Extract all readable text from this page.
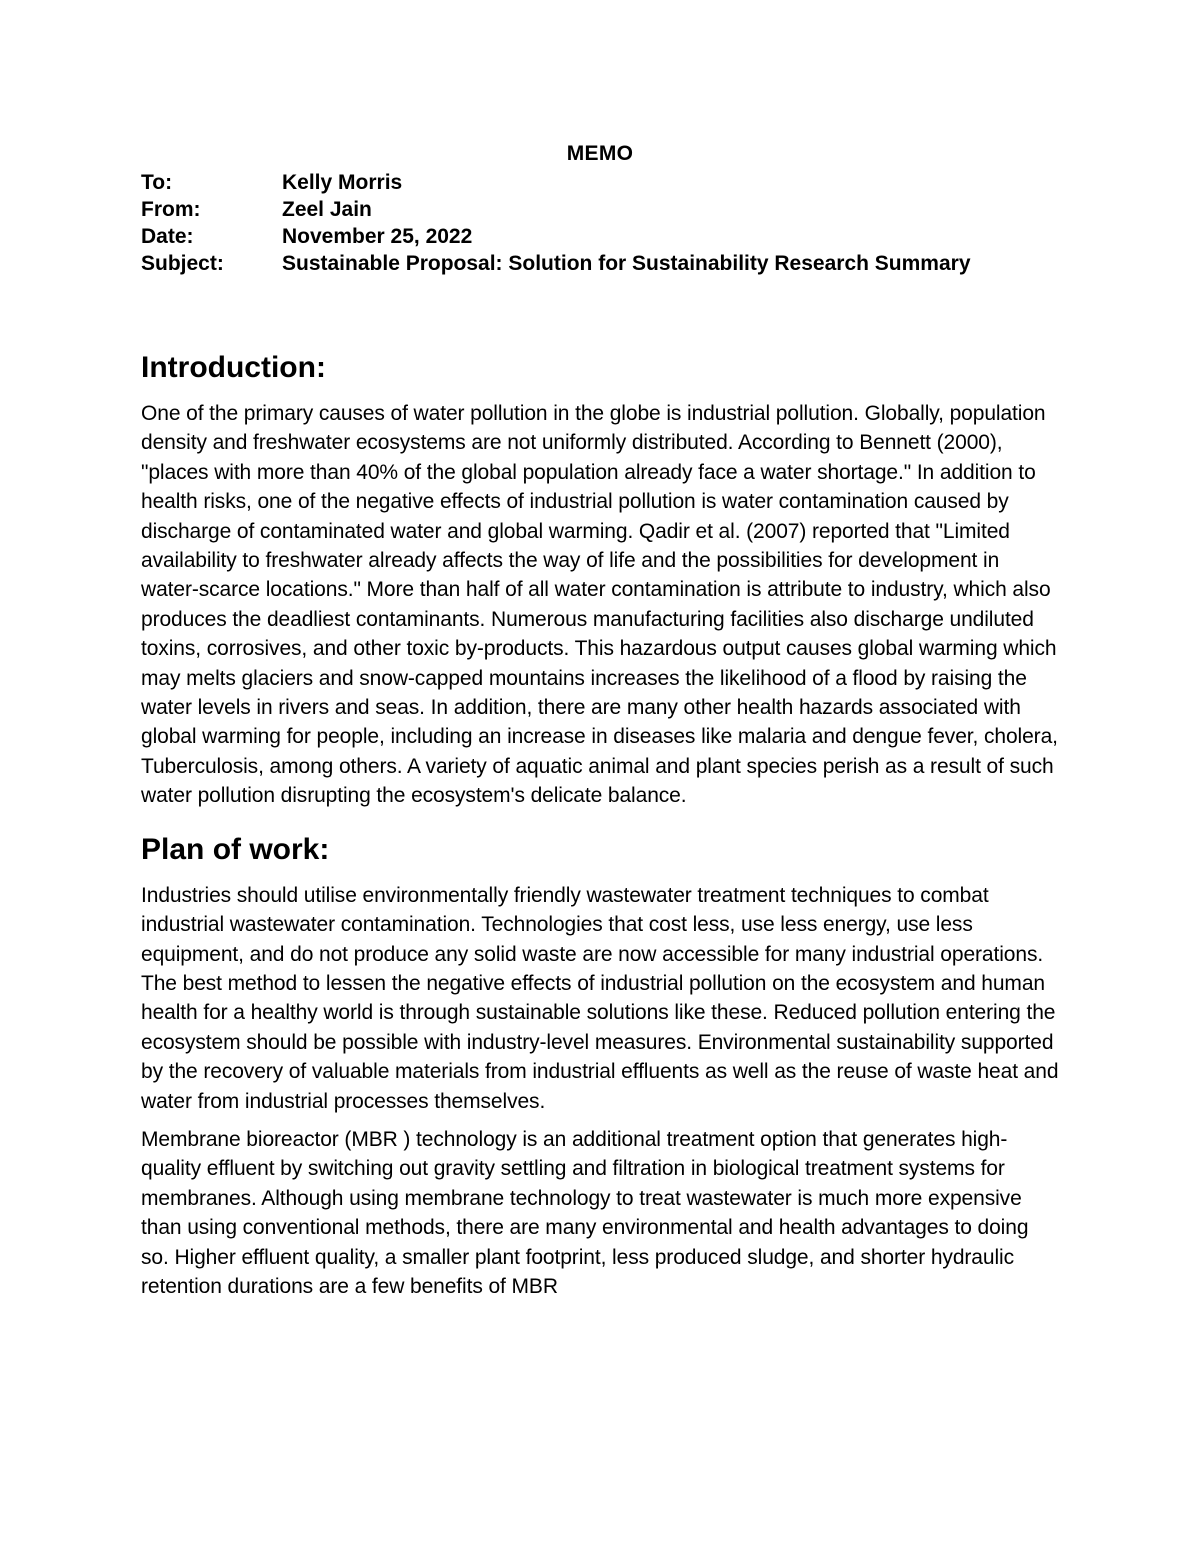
MEMO
To:	Kelly Morris
From:	Zeel Jain
Date:	November 25, 2022
Subject:	Sustainable Proposal: Solution for Sustainability Research Summary
Introduction:

One of the primary causes of water pollution in the globe is industrial pollution. Globally, population density and freshwater ecosystems are not uniformly distributed. According to Bennett (2000), "places with more than 40% of the global population already face a water shortage." In addition to health risks, one of the negative effects of industrial pollution is water contamination caused by discharge of contaminated water and global warming. Qadir et al. (2007) reported that "Limited availability to freshwater already affects the way of life and the possibilities for development in water-scarce locations." More than half of all water contamination is attribute to industry, which also produces the deadliest contaminants. Numerous manufacturing facilities also discharge undiluted toxins, corrosives, and other toxic by-products. This hazardous output causes global warming which may melts glaciers and snow-capped mountains increases the likelihood of a flood by raising the water levels in rivers and seas. In addition, there are many other health hazards associated with global warming for people, including an increase in diseases like malaria and dengue fever, cholera, Tuberculosis, among others. A variety of aquatic animal and plant species perish as a result of such water pollution disrupting the ecosystem's delicate balance.

Plan of work:

Industries should utilise environmentally friendly wastewater treatment techniques to combat industrial wastewater contamination. Technologies that cost less, use less energy, use less equipment, and do not produce any solid waste are now accessible for many industrial operations. The best method to lessen the negative effects of industrial pollution on the ecosystem and human health for a healthy world is through sustainable solutions like these. Reduced pollution entering the ecosystem should be possible with industry-level measures. Environmental sustainability supported by the recovery of valuable materials from industrial effluents as well as the reuse of waste heat and water from industrial processes themselves.

Membrane bioreactor (MBR ) technology is an additional treatment option that generates high-quality effluent by switching out gravity settling and filtration in biological treatment systems for membranes. Although using membrane technology to treat wastewater is much more expensive than using conventional methods, there are many environmental and health advantages to doing so. Higher effluent quality, a smaller plant footprint, less produced sludge, and shorter hydraulic retention durations are a few benefits of MBR
